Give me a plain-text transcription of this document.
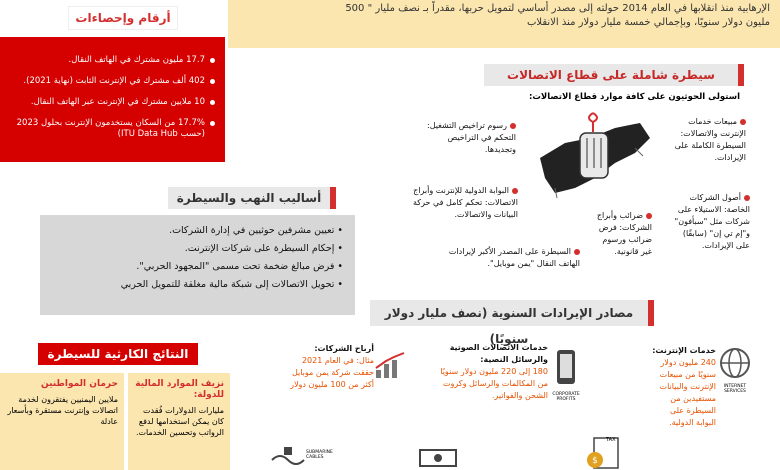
الإرهابية منذ انقلابها في العام 2014 حولته إلى مصدر أساسي لتمويل حربها، مقدراً بـ نصف مليار " 500
مليون دولار سنويًا، وبإجمالي خمسة مليار دولار منذ الانقلاب
17.7 مليون مشترك في الهاتف النقال.
402 ألف مشترك في الإنترنت الثابت (نهاية 2021).
10 ملايين مشترك في الإنترنت عبر الهاتف النقال.
17.7% من السكان يستخدمون الإنترنت بحلول 2023 (حسب ITU Data Hub)
أرقام وإحصاءات
سيطرة شاملة على قطاع الاتصالات
استولى الحوثيون على كافة موارد قطاع الاتصالات:
مبيعات خدمات الإنترنت والاتصالات: السيطرة الكاملة على الإيرادات.
رسوم تراخيص التشغيل: التحكم في التراخيص وتجديدها.
البوابة الدولية للإنترنت وأبراج الاتصالات: تحكم كامل في حركة البيانات والاتصالات.	ضرائب وأبراج الشركات: فرض ضرائب ورسوم غير قانونية.
أصول الشركات الخاصة: الاستيلاء على شركات مثل "سبأفون" و"إم تي إن" (سابقًا) على الإيرادات.
السيطرة على المصدر الأكبر لإيرادات الهاتف النقال "يمن موبايل".
أساليب النهب والسيطرة
• تعيين مشرفين حوثيين في إدارة الشركات.
• إحكام السيطرة على شركات الإنترنت.
• فرض مبالغ ضخمة تحت مسمى "المجهود الحربي".
• تحويل الاتصالات إلى شبكة مالية مغلقة للتمويل الحربي
مصادر الإيرادات السنوية (نصف مليار دولار سنويًا)
خدمات الإنترنت:
240 مليون دولار سنويًا من مبيعات الإنترنت والبيانات مستفيدين من السيطرة على البوابة الدولية.
INTERNET SERVICES
خدمات الاتصالات الصوتية والرسائل النصية:
180 إلى 220 مليون دولار سنويًا من المكالمات والرسائل وكروت الشحن والفواتير. CORPORATE PROFITS
أرباح الشركات:
مثال: في العام 2021 حققت شركة يمن موبايل أكثر من 100 مليون دولار
SUBMARINE CABLES	$
TAX
النتائج الكارثية للسيطرة
نزيف الموارد المالية للدولة:
مليارات الدولارات فُقدت كان يمكن استخدامها لدفع الرواتب وتحسين الخدمات.
حرمان المواطنين
ملايين اليمنيين يفتقرون لخدمة اتصالات وإنترنت مستقرة وبأسعار عادلة
